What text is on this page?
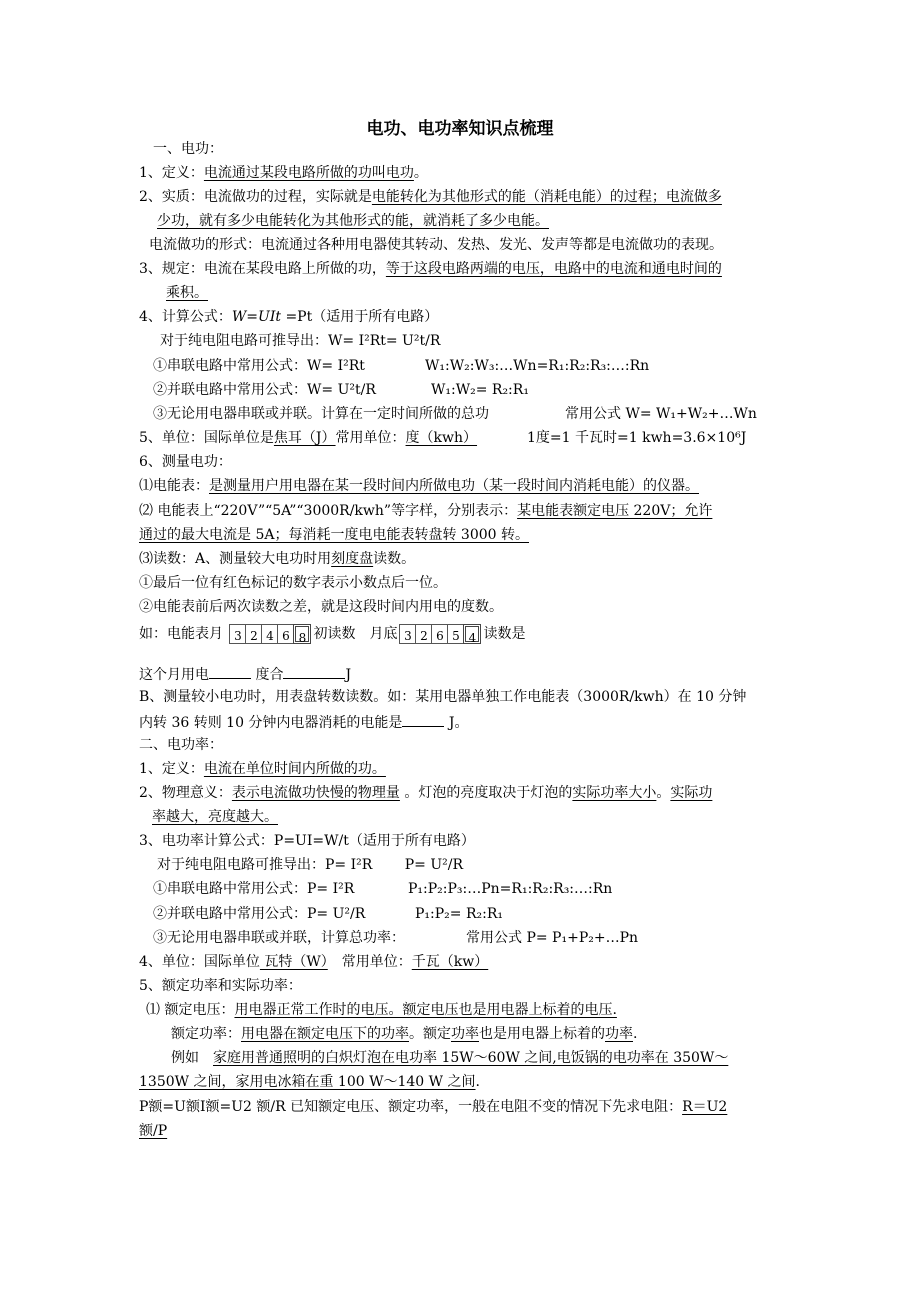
电功、电功率知识点梳理
一、电功：
1、定义：电流通过某段电路所做的功叫电功。
2、实质：电流做功的过程，实际就是电能转化为其他形式的能（消耗电能）的过程；电流做多
少功，就有多少电能转化为其他形式的能，就消耗了多少电能。
电流做功的形式：电流通过各种用电器使其转动、发热、发光、发声等都是电流做功的表现。
3、规定：电流在某段电路上所做的功，等于这段电路两端的电压，电路中的电流和通电时间的
乘积。
4、计算公式：W=UIt =Pt（适用于所有电路）
对于纯电阻电路可推导出：W= I²Rt= U²t/R
①串联电路中常用公式：W= I²Rt	W₁:W₂:W₃:…Wn=R₁:R₂:R₃:…:Rn
②并联电路中常用公式：W= U²t/R	W₁:W₂= R₂:R₁
③无论用电器串联或并联。计算在一定时间所做的总功	常用公式 W= W₁+W₂+…Wn
5、单位：国际单位是焦耳（J）常用单位：度（kwh）	1度=1 千瓦时=1 kwh=3.6×10⁶J
6、测量电功：
⑴电能表：是测量用户用电器在某一段时间内所做电功（某一段时间内消耗电能）的仪器。
⑵ 电能表上“220V”“5A”“3000R/kwh”等字样，分别表示：某电能表额定电压 220V；允许
通过的最大电流是 5A；每消耗一度电电能表转盘转 3000 转。
⑶读数：A、测量较大电功时用刻度盘读数。
①最后一位有红色标记的数字表示小数点后一位。
②电能表前后两次读数之差，就是这段时间内用电的度数。
如：电能表月 3 2 4 6 8 初读数　月底 3 2 6 5 4 读数是
这个月用电	度合	J
B、测量较小电功时，用表盘转数读数。如：某用电器单独工作电能表（3000R/kwh）在 10 分钟
内转 36 转则 10 分钟内电器消耗的电能是	J。
二、电功率：
1、定义：电流在单位时间内所做的功。
2、物理意义：表示电流做功快慢的物理量 。灯泡的亮度取决于灯泡的实际功率大小。实际功
率越大，亮度越大。
3、电功率计算公式：P=UI=W/t（适用于所有电路）
对于纯电阻电路可推导出：P= I²R　　 P= U²/R
①串联电路中常用公式：P= I²R	P₁:P₂:P₃:…Pn=R₁:R₂:R₃:…:Rn
②并联电路中常用公式：P= U²/R	P₁:P₂= R₂:R₁
③无论用电器串联或并联，计算总功率：	常用公式 P= P₁+P₂+…Pn
4、单位：国际单位 瓦特（W）　常用单位：千瓦（kw）
5、额定功率和实际功率：
⑴ 额定电压：用电器正常工作时的电压。额定电压也是用电器上标着的电压.
额定功率：用电器在额定电压下的功率。额定功率也是用电器上标着的功率.
例如　家庭用普通照明的白炽灯泡在电功率 15W～60W 之间,电饭锅的电功率在 350W～
1350W 之间，家用电冰箱在重 100 W～140 W 之间.
P额=U额I额=U2 额/R 已知额定电压、额定功率，一般在电阻不变的情况下先求电阻：R＝U2
额/P
